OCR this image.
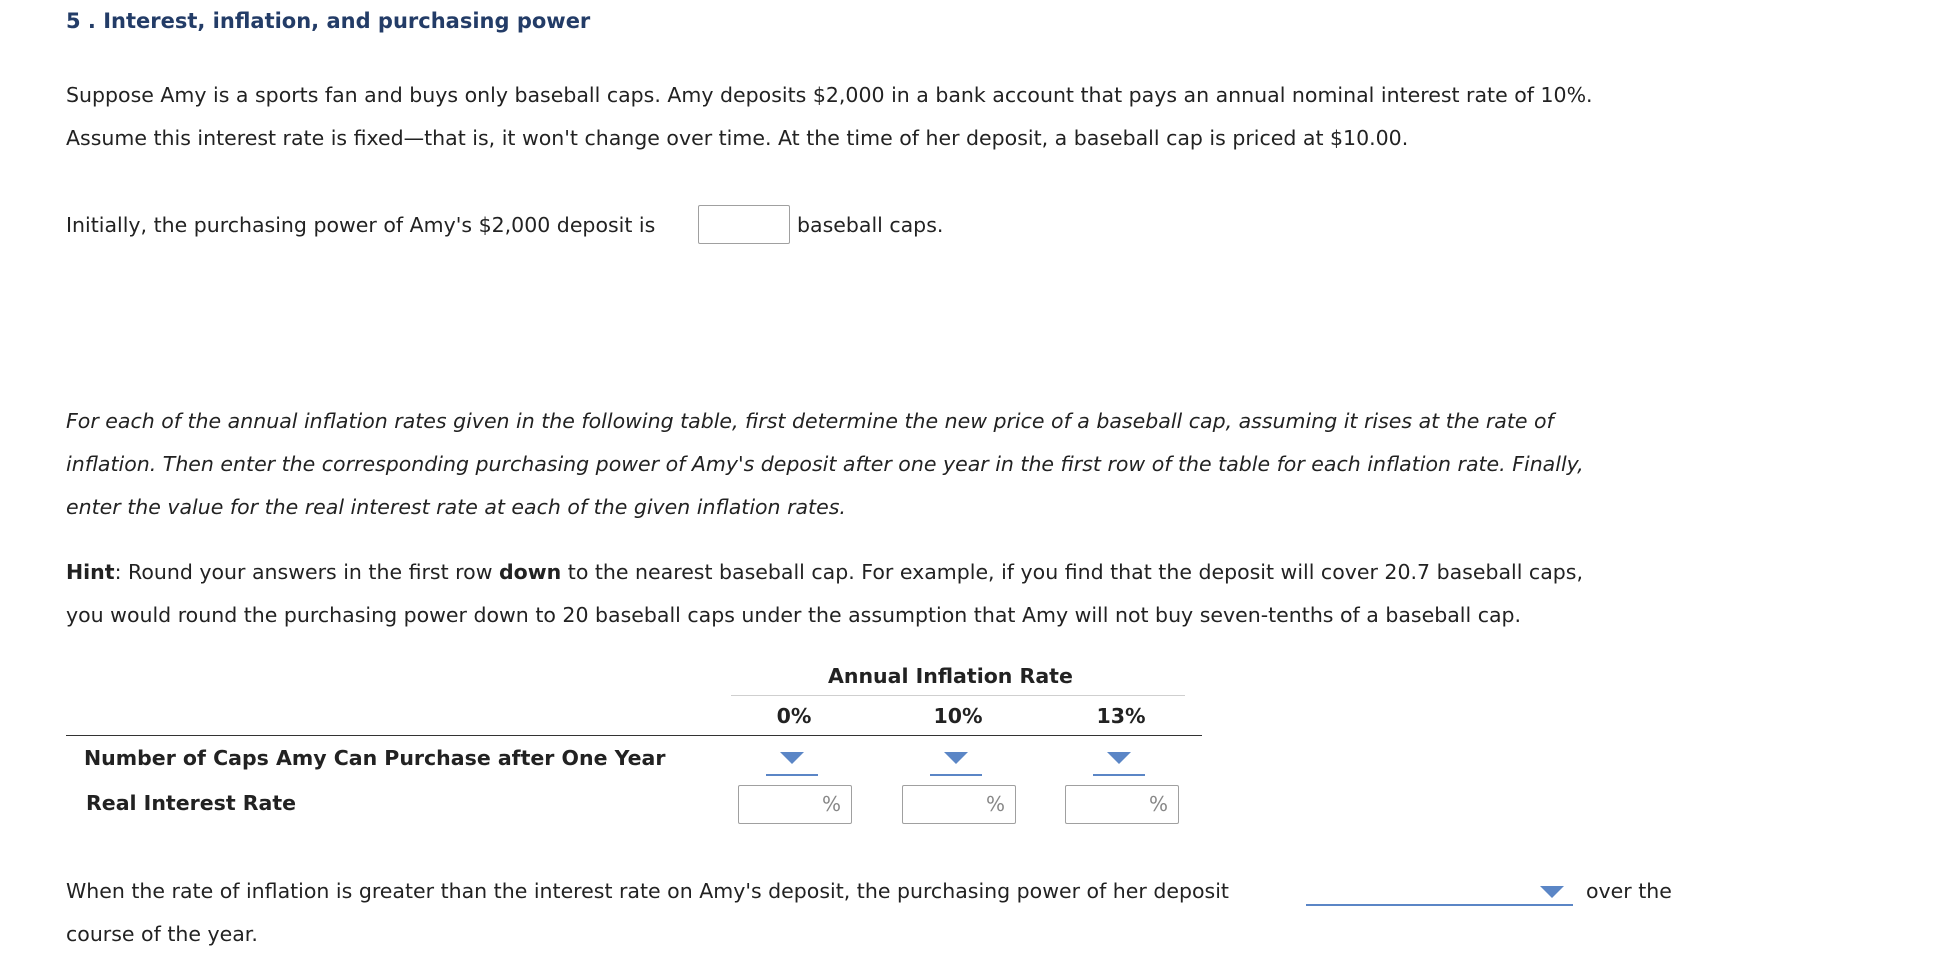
5 . Interest, inflation, and purchasing power
Suppose Amy is a sports fan and buys only baseball caps. Amy deposits $2,000 in a bank account that pays an annual nominal interest rate of 10%.
Assume this interest rate is fixed—that is, it won't change over time. At the time of her deposit, a baseball cap is priced at $10.00.
Initially, the purchasing power of Amy's $2,000 deposit is	baseball caps.
For each of the annual inflation rates given in the following table, first determine the new price of a baseball cap, assuming it rises at the rate of
inflation. Then enter the corresponding purchasing power of Amy's deposit after one year in the first row of the table for each inflation rate. Finally,
enter the value for the real interest rate at each of the given inflation rates.
Hint: Round your answers in the first row down to the nearest baseball cap. For example, if you find that the deposit will cover 20.7 baseball caps,
you would round the purchasing power down to 20 baseball caps under the assumption that Amy will not buy seven-tenths of a baseball cap.
Annual Inflation Rate
0%	10%	13%
Number of Caps Amy Can Purchase after One Year
Real Interest Rate	%	%	%
When the rate of inflation is greater than the interest rate on Amy's deposit, the purchasing power of her deposit	over the
course of the year.
